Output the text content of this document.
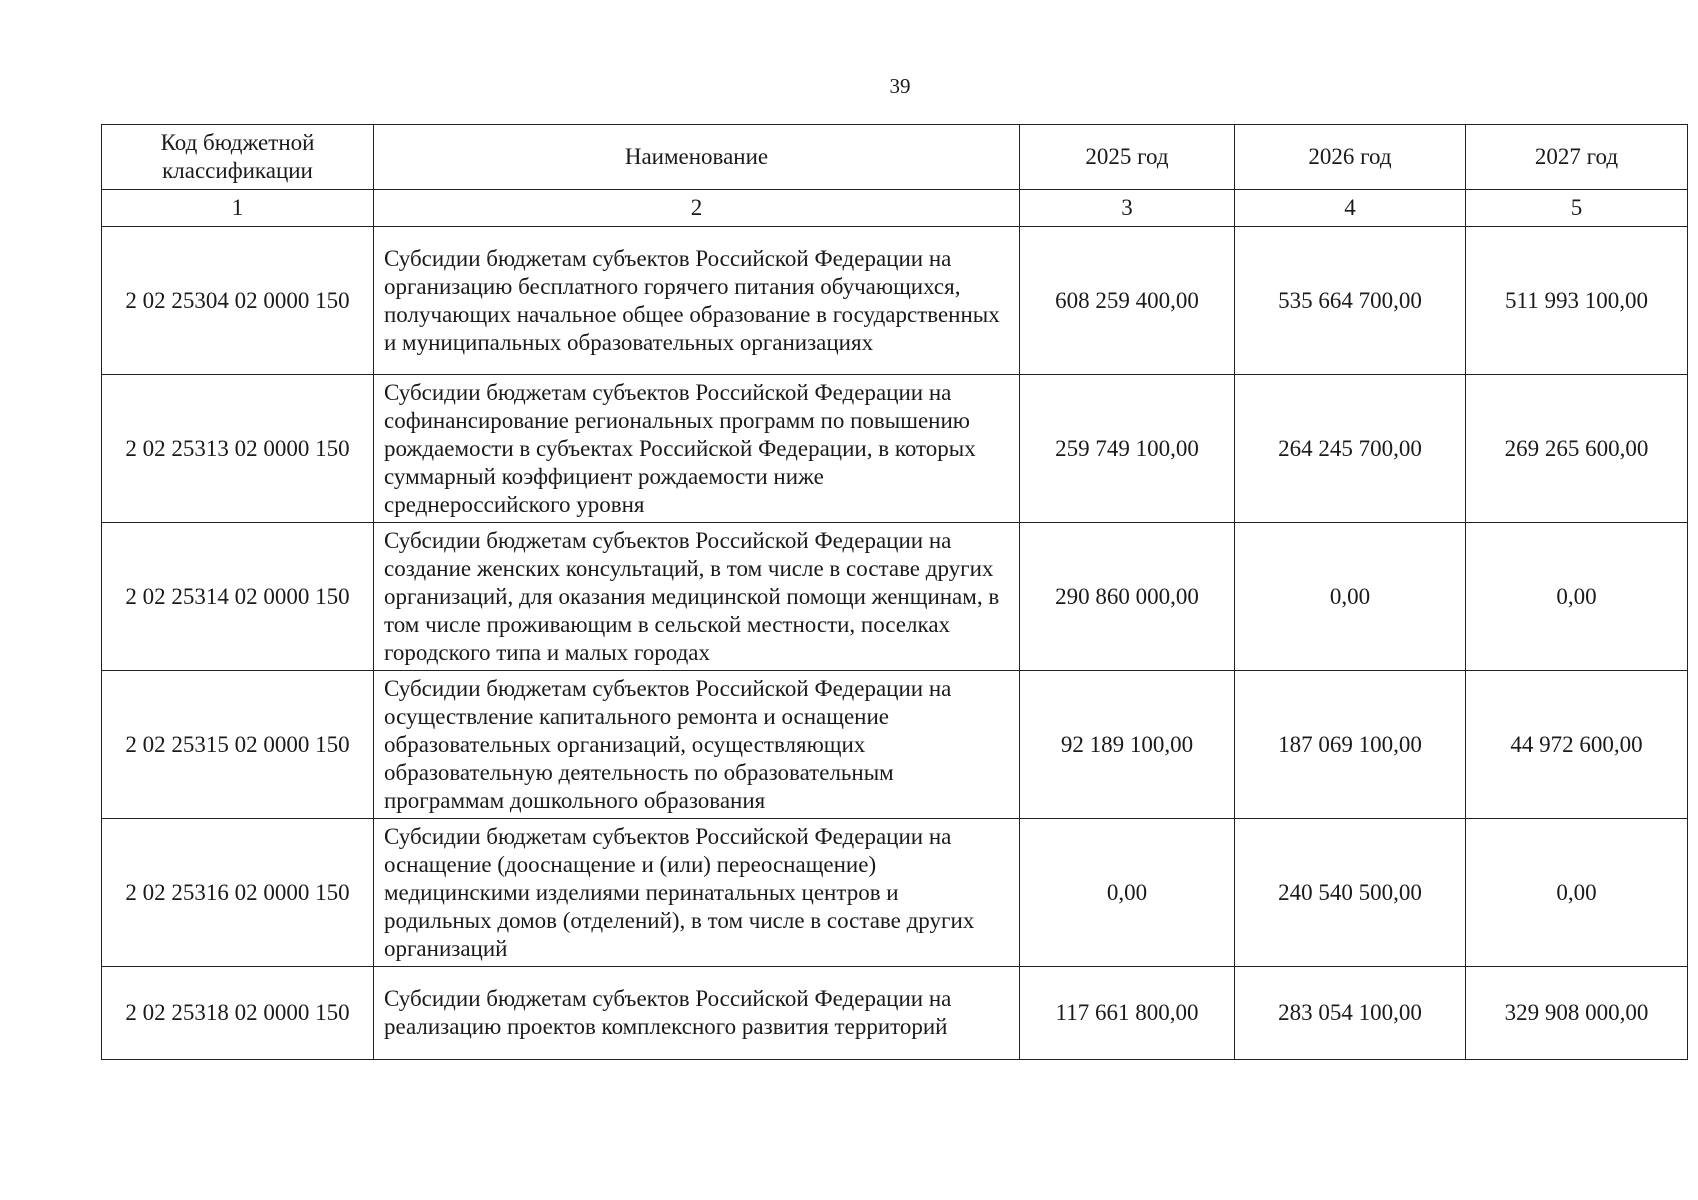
39
Код бюджетной классификации	Наименование	2025 год	2026 год	2027 год
1	2	3	4	5
2 02 25304 02 0000 150	Субсидии бюджетам субъектов Российской Федерации на организацию бесплатного горячего питания обучающихся, получающих начальное общее образование в государственных и муниципальных образовательных организациях	608 259 400,00	535 664 700,00	511 993 100,00
2 02 25313 02 0000 150	Субсидии бюджетам субъектов Российской Федерации на софинансирование региональных программ по повышению рождаемости в субъектах Российской Федерации, в которых суммарный коэффициент рождаемости ниже среднероссийского уровня	259 749 100,00	264 245 700,00	269 265 600,00
2 02 25314 02 0000 150	Субсидии бюджетам субъектов Российской Федерации на создание женских консультаций, в том числе в составе других организаций, для оказания медицинской помощи женщинам, в том числе проживающим в сельской местности, поселках городского типа и малых городах	290 860 000,00	0,00	0,00
2 02 25315 02 0000 150	Субсидии бюджетам субъектов Российской Федерации на осуществление капитального ремонта и оснащение образовательных организаций, осуществляющих образовательную деятельность по образовательным программам дошкольного образования	92 189 100,00	187 069 100,00	44 972 600,00
2 02 25316 02 0000 150	Субсидии бюджетам субъектов Российской Федерации на оснащение (дооснащение и (или) переоснащение) медицинскими изделиями перинатальных центров и родильных домов (отделений), в том числе в составе других организаций	0,00	240 540 500,00	0,00
2 02 25318 02 0000 150	Субсидии бюджетам субъектов Российской Федерации на реализацию проектов комплексного развития территорий	117 661 800,00	283 054 100,00	329 908 000,00
